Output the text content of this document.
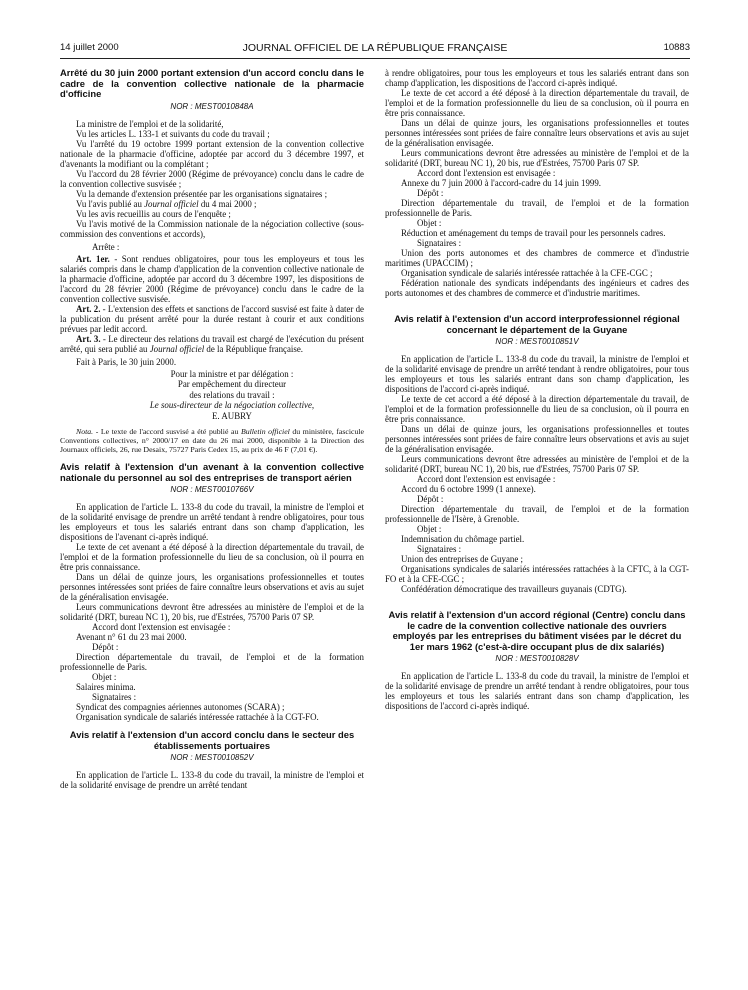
14 juillet 2000	JOURNAL OFFICIEL DE LA RÉPUBLIQUE FRANÇAISE	10883

Arrêté du 30 juin 2000 portant extension d'un accord conclu dans le cadre de la convention collective nationale de la pharmacie d'officine

NOR : MEST0010848A

La ministre de l'emploi et de la solidarité,

Vu les articles L. 133-1 et suivants du code du travail ;

Vu l'arrêté du 19 octobre 1999 portant extension de la convention collective nationale de la pharmacie d'officine, adoptée par accord du 3 décembre 1997, et d'avenants la modifiant ou la complétant ;

Vu l'accord du 28 février 2000 (Régime de prévoyance) conclu dans le cadre de la convention collective susvisée ;

Vu la demande d'extension présentée par les organisations signataires ;

Vu l'avis publié au Journal officiel du 4 mai 2000 ;

Vu les avis recueillis au cours de l'enquête ;

Vu l'avis motivé de la Commission nationale de la négociation collective (sous-commission des conventions et accords),

Arrête :

Art. 1er. - Sont rendues obligatoires, pour tous les employeurs et tous les salariés compris dans le champ d'application de la convention collective nationale de la pharmacie d'officine, adoptée par accord du 3 décembre 1997, les dispositions de l'accord du 28 février 2000 (Régime de prévoyance) conclu dans le cadre de la convention collective susvisée.

Art. 2. - L'extension des effets et sanctions de l'accord susvisé est faite à dater de la publication du présent arrêté pour la durée restant à courir et aux conditions prévues par ledit accord.

Art. 3. - Le directeur des relations du travail est chargé de l'exécution du présent arrêté, qui sera publié au Journal officiel de la République française.

Fait à Paris, le 30 juin 2000.

Pour la ministre et par délégation :
Par empêchement du directeur
des relations du travail :
Le sous-directeur de la négociation collective,
E. AUBRY

Nota. - Le texte de l'accord susvisé a été publié au Bulletin officiel du ministère, fascicule Conventions collectives, n° 2000/17 en date du 26 mai 2000, disponible à la Direction des Journaux officiels, 26, rue Desaix, 75727 Paris Cedex 15, au prix de 46 F (7,01 €).

Avis relatif à l'extension d'un avenant à la convention collective nationale du personnel au sol des entreprises de transport aérien

NOR : MEST0010766V

En application de l'article L. 133-8 du code du travail, la ministre de l'emploi et de la solidarité envisage de prendre un arrêté tendant à rendre obligatoires, pour tous les employeurs et tous les salariés entrant dans son champ d'application, les dispositions de l'avenant ci-après indiqué.

Le texte de cet avenant a été déposé à la direction départementale du travail, de l'emploi et de la formation professionnelle du lieu de sa conclusion, où il pourra en être pris connaissance.

Dans un délai de quinze jours, les organisations professionnelles et toutes personnes intéressées sont priées de faire connaître leurs observations et avis au sujet de la généralisation envisagée.

Leurs communications devront être adressées au ministère de l'emploi et de la solidarité (DRT, bureau NC 1), 20 bis, rue d'Estrées, 75700 Paris 07 SP.

Accord dont l'extension est envisagée :

Avenant n° 61 du 23 mai 2000.

Dépôt :

Direction départementale du travail, de l'emploi et de la formation professionnelle de Paris.

Objet :

Salaires minima.

Signataires :

Syndicat des compagnies aériennes autonomes (SCARA) ;

Organisation syndicale de salariés intéressée rattachée à la CGT-FO.

Avis relatif à l'extension d'un accord conclu dans le secteur des établissements portuaires

NOR : MEST0010852V

En application de l'article L. 133-8 du code du travail, la ministre de l'emploi et de la solidarité envisage de prendre un arrêté tendant

à rendre obligatoires, pour tous les employeurs et tous les salariés entrant dans son champ d'application, les dispositions de l'accord ci-après indiqué.

Le texte de cet accord a été déposé à la direction départementale du travail, de l'emploi et de la formation professionnelle du lieu de sa conclusion, où il pourra en être pris connaissance.

Dans un délai de quinze jours, les organisations professionnelles et toutes personnes intéressées sont priées de faire connaître leurs observations et avis au sujet de la généralisation envisagée.

Leurs communications devront être adressées au ministère de l'emploi et de la solidarité (DRT, bureau NC 1), 20 bis, rue d'Estrées, 75700 Paris 07 SP.

Accord dont l'extension est envisagée :

Annexe du 7 juin 2000 à l'accord-cadre du 14 juin 1999.

Dépôt :

Direction départementale du travail, de l'emploi et de la formation professionnelle de Paris.

Objet :

Réduction et aménagement du temps de travail pour les personnels cadres.

Signataires :

Union des ports autonomes et des chambres de commerce et d'industrie maritimes (UPACCIM) ;

Organisation syndicale de salariés intéressée rattachée à la CFE-CGC ;

Fédération nationale des syndicats indépendants des ingénieurs et cadres des ports autonomes et des chambres de commerce et d'industrie maritimes.

Avis relatif à l'extension d'un accord interprofessionnel régional concernant le département de la Guyane

NOR : MEST0010851V

En application de l'article L. 133-8 du code du travail, la ministre de l'emploi et de la solidarité envisage de prendre un arrêté tendant à rendre obligatoires, pour tous les employeurs et tous les salariés entrant dans son champ d'application, les dispositions de l'accord ci-après indiqué.

Le texte de cet accord a été déposé à la direction départementale du travail, de l'emploi et de la formation professionnelle du lieu de sa conclusion, où il pourra en être pris connaissance.

Dans un délai de quinze jours, les organisations professionnelles et toutes personnes intéressées sont priées de faire connaître leurs observations et avis au sujet de la généralisation envisagée.

Leurs communications devront être adressées au ministère de l'emploi et de la solidarité (DRT, bureau NC 1), 20 bis, rue d'Estrées, 75700 Paris 07 SP.

Accord dont l'extension est envisagée :

Accord du 6 octobre 1999 (1 annexe).

Dépôt :

Direction départementale du travail, de l'emploi et de la formation professionnelle de l'Isère, à Grenoble.

Objet :

Indemnisation du chômage partiel.

Signataires :

Union des entreprises de Guyane ;

Organisations syndicales de salariés intéressées rattachées à la CFTC, à la CGT-FO et à la CFE-CGC ;

Confédération démocratique des travailleurs guyanais (CDTG).

Avis relatif à l'extension d'un accord régional (Centre) conclu dans le cadre de la convention collective nationale des ouvriers employés par les entreprises du bâtiment visées par le décret du 1er mars 1962 (c'est-à-dire occupant plus de dix salariés)

NOR : MEST0010828V

En application de l'article L. 133-8 du code du travail, la ministre de l'emploi et de la solidarité envisage de prendre un arrêté tendant à rendre obligatoires, pour tous les employeurs et tous les salariés entrant dans son champ d'application, les dispositions de l'accord ci-après indiqué.
